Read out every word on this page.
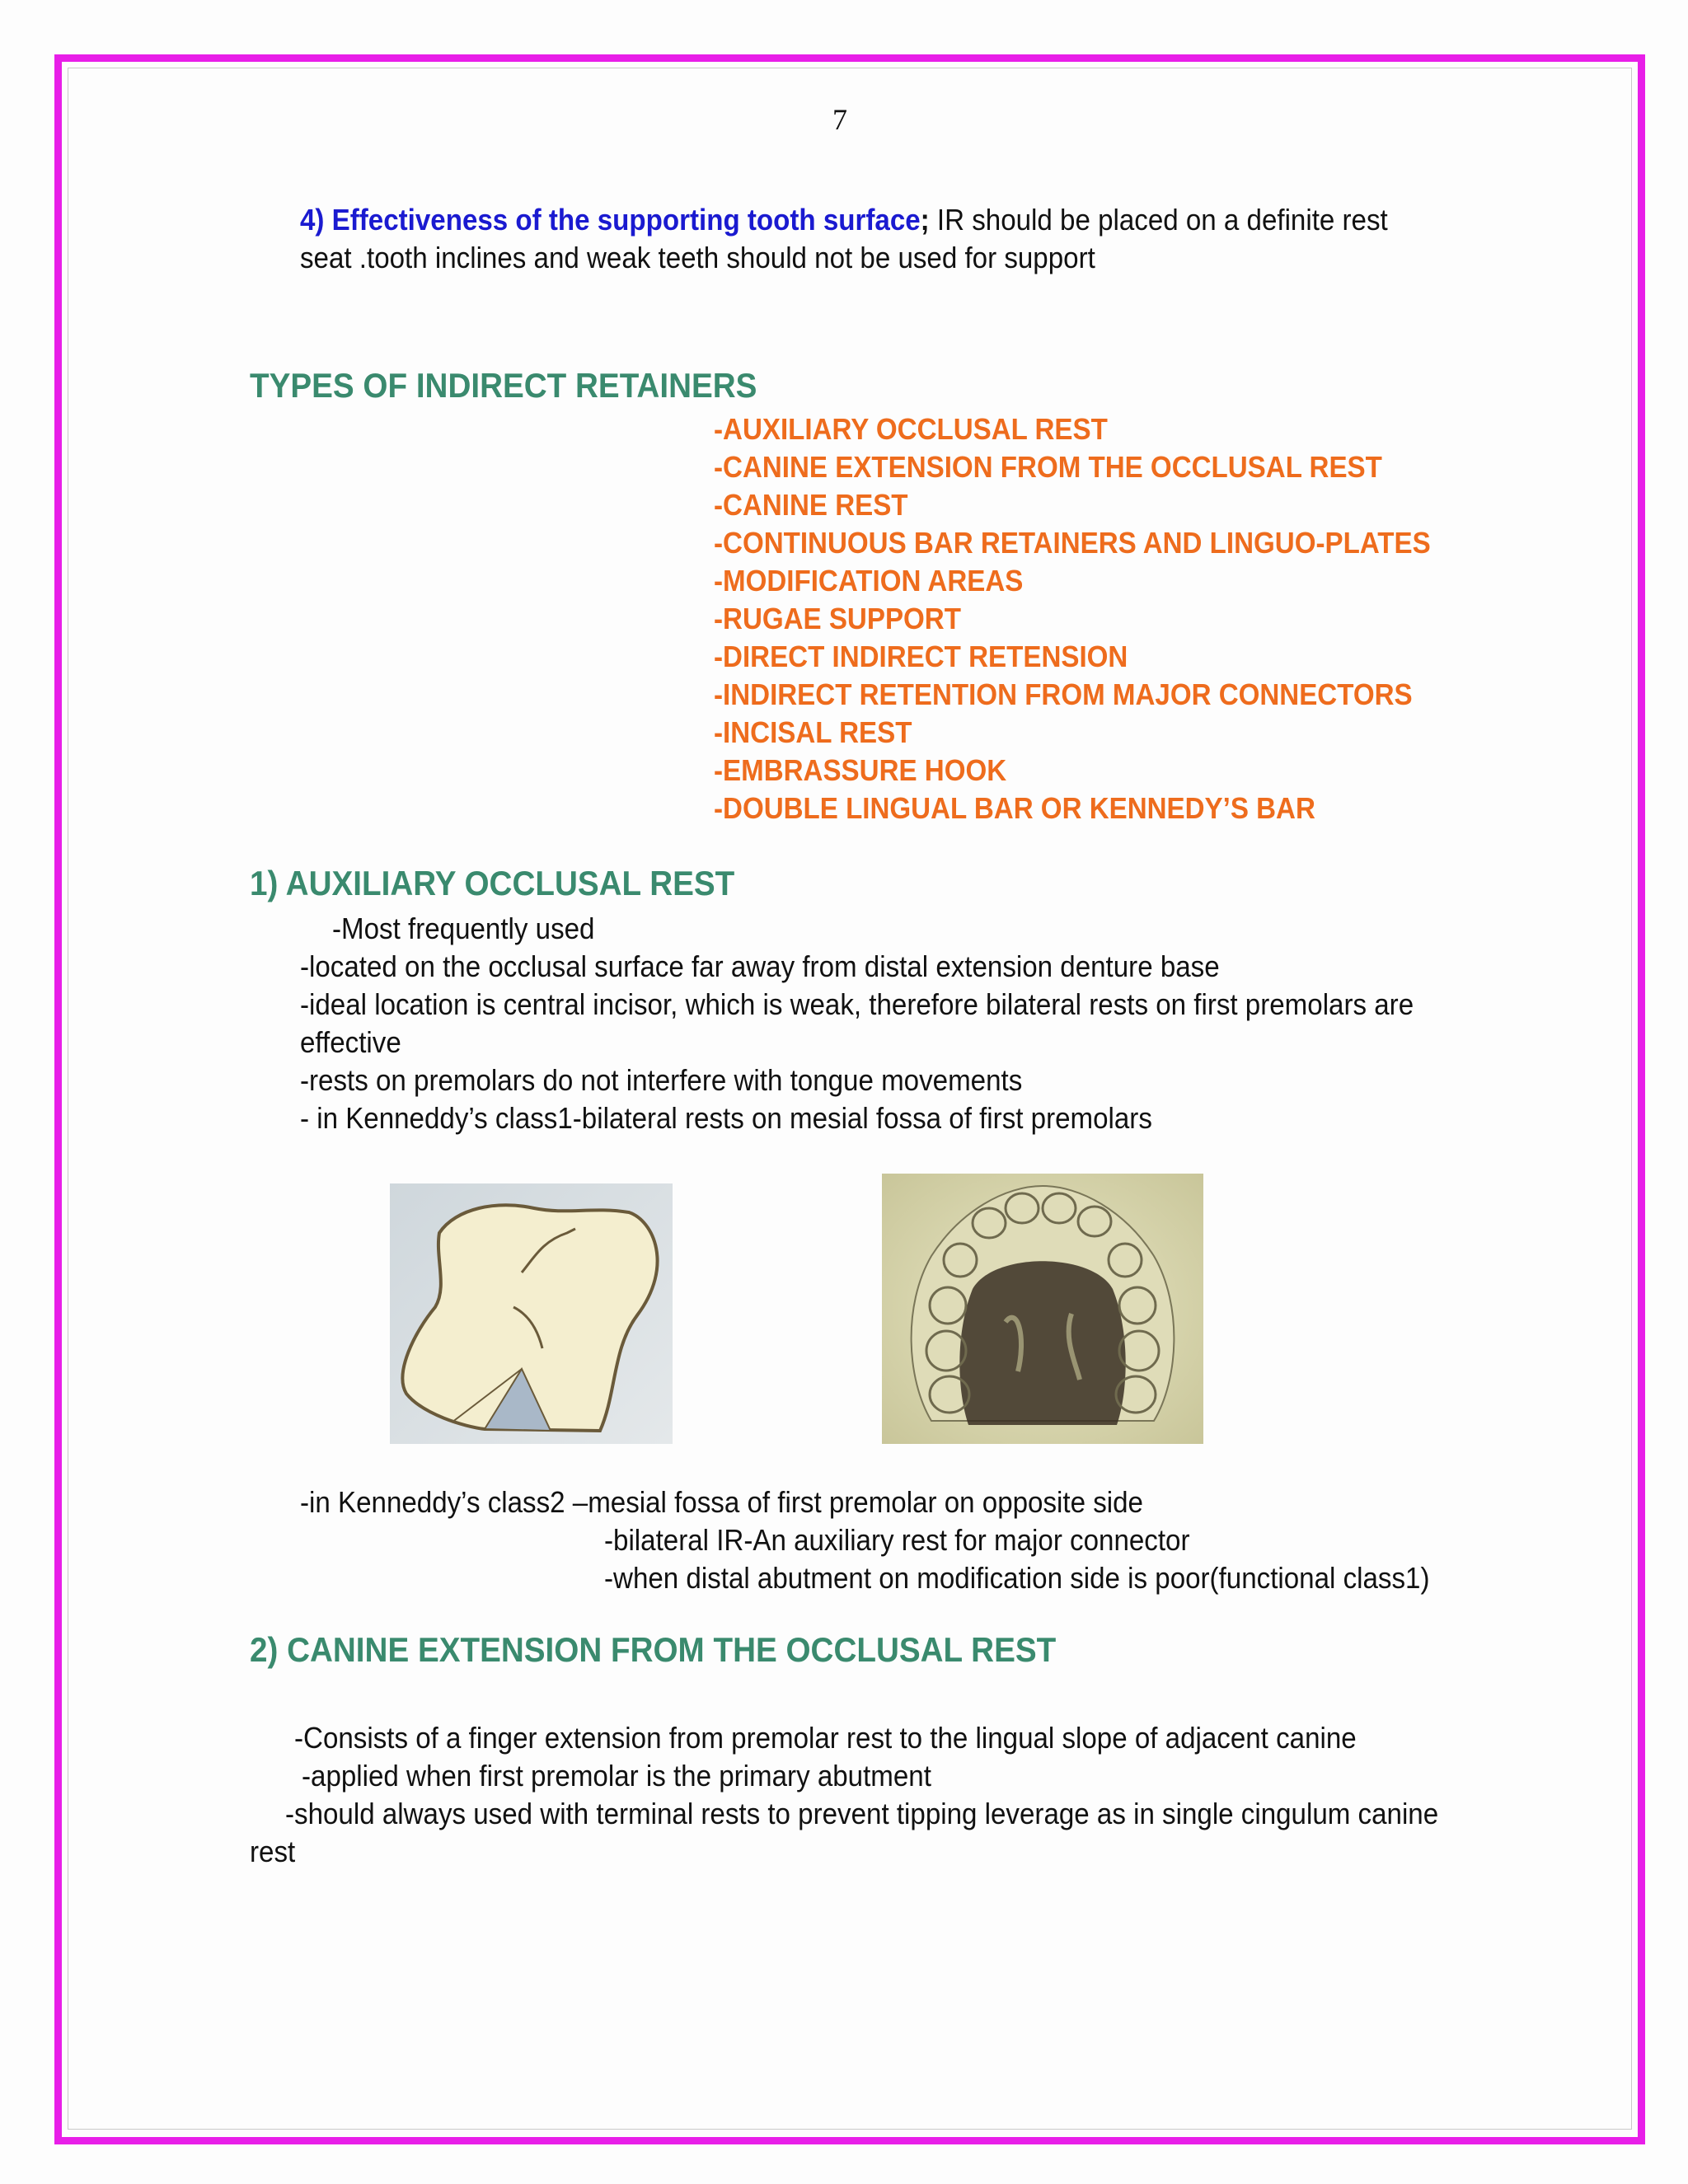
7
4) Effectiveness of the supporting tooth surface; IR should be placed on a definite rest
seat .tooth inclines and weak teeth should not be used for support
TYPES OF INDIRECT RETAINERS
-AUXILIARY OCCLUSAL REST
-CANINE EXTENSION FROM THE OCCLUSAL REST
-CANINE REST
-CONTINUOUS BAR RETAINERS AND LINGUO-PLATES
-MODIFICATION AREAS
-RUGAE SUPPORT
-DIRECT INDIRECT RETENSION
-INDIRECT RETENTION FROM MAJOR CONNECTORS
-INCISAL REST
-EMBRASSURE HOOK
-DOUBLE LINGUAL BAR OR KENNEDY’S BAR
1) AUXILIARY OCCLUSAL REST
-Most frequently used
-located on the occlusal surface far away from distal extension denture base
-ideal location is central incisor, which is weak, therefore bilateral rests on first premolars are
effective
-rests on premolars do not interfere with tongue movements
- in Kenneddy’s class1-bilateral rests on mesial fossa of first premolars
-in Kenneddy’s class2 –mesial fossa of first premolar on opposite side
-bilateral IR-An auxiliary rest for major connector
-when distal abutment on modification side is poor(functional class1)
2) CANINE EXTENSION FROM THE OCCLUSAL REST
-Consists of a finger extension from premolar rest to the lingual slope of adjacent canine
-applied when first premolar is the primary abutment
-should always used with terminal rests to prevent tipping leverage as in single cingulum canine
rest
